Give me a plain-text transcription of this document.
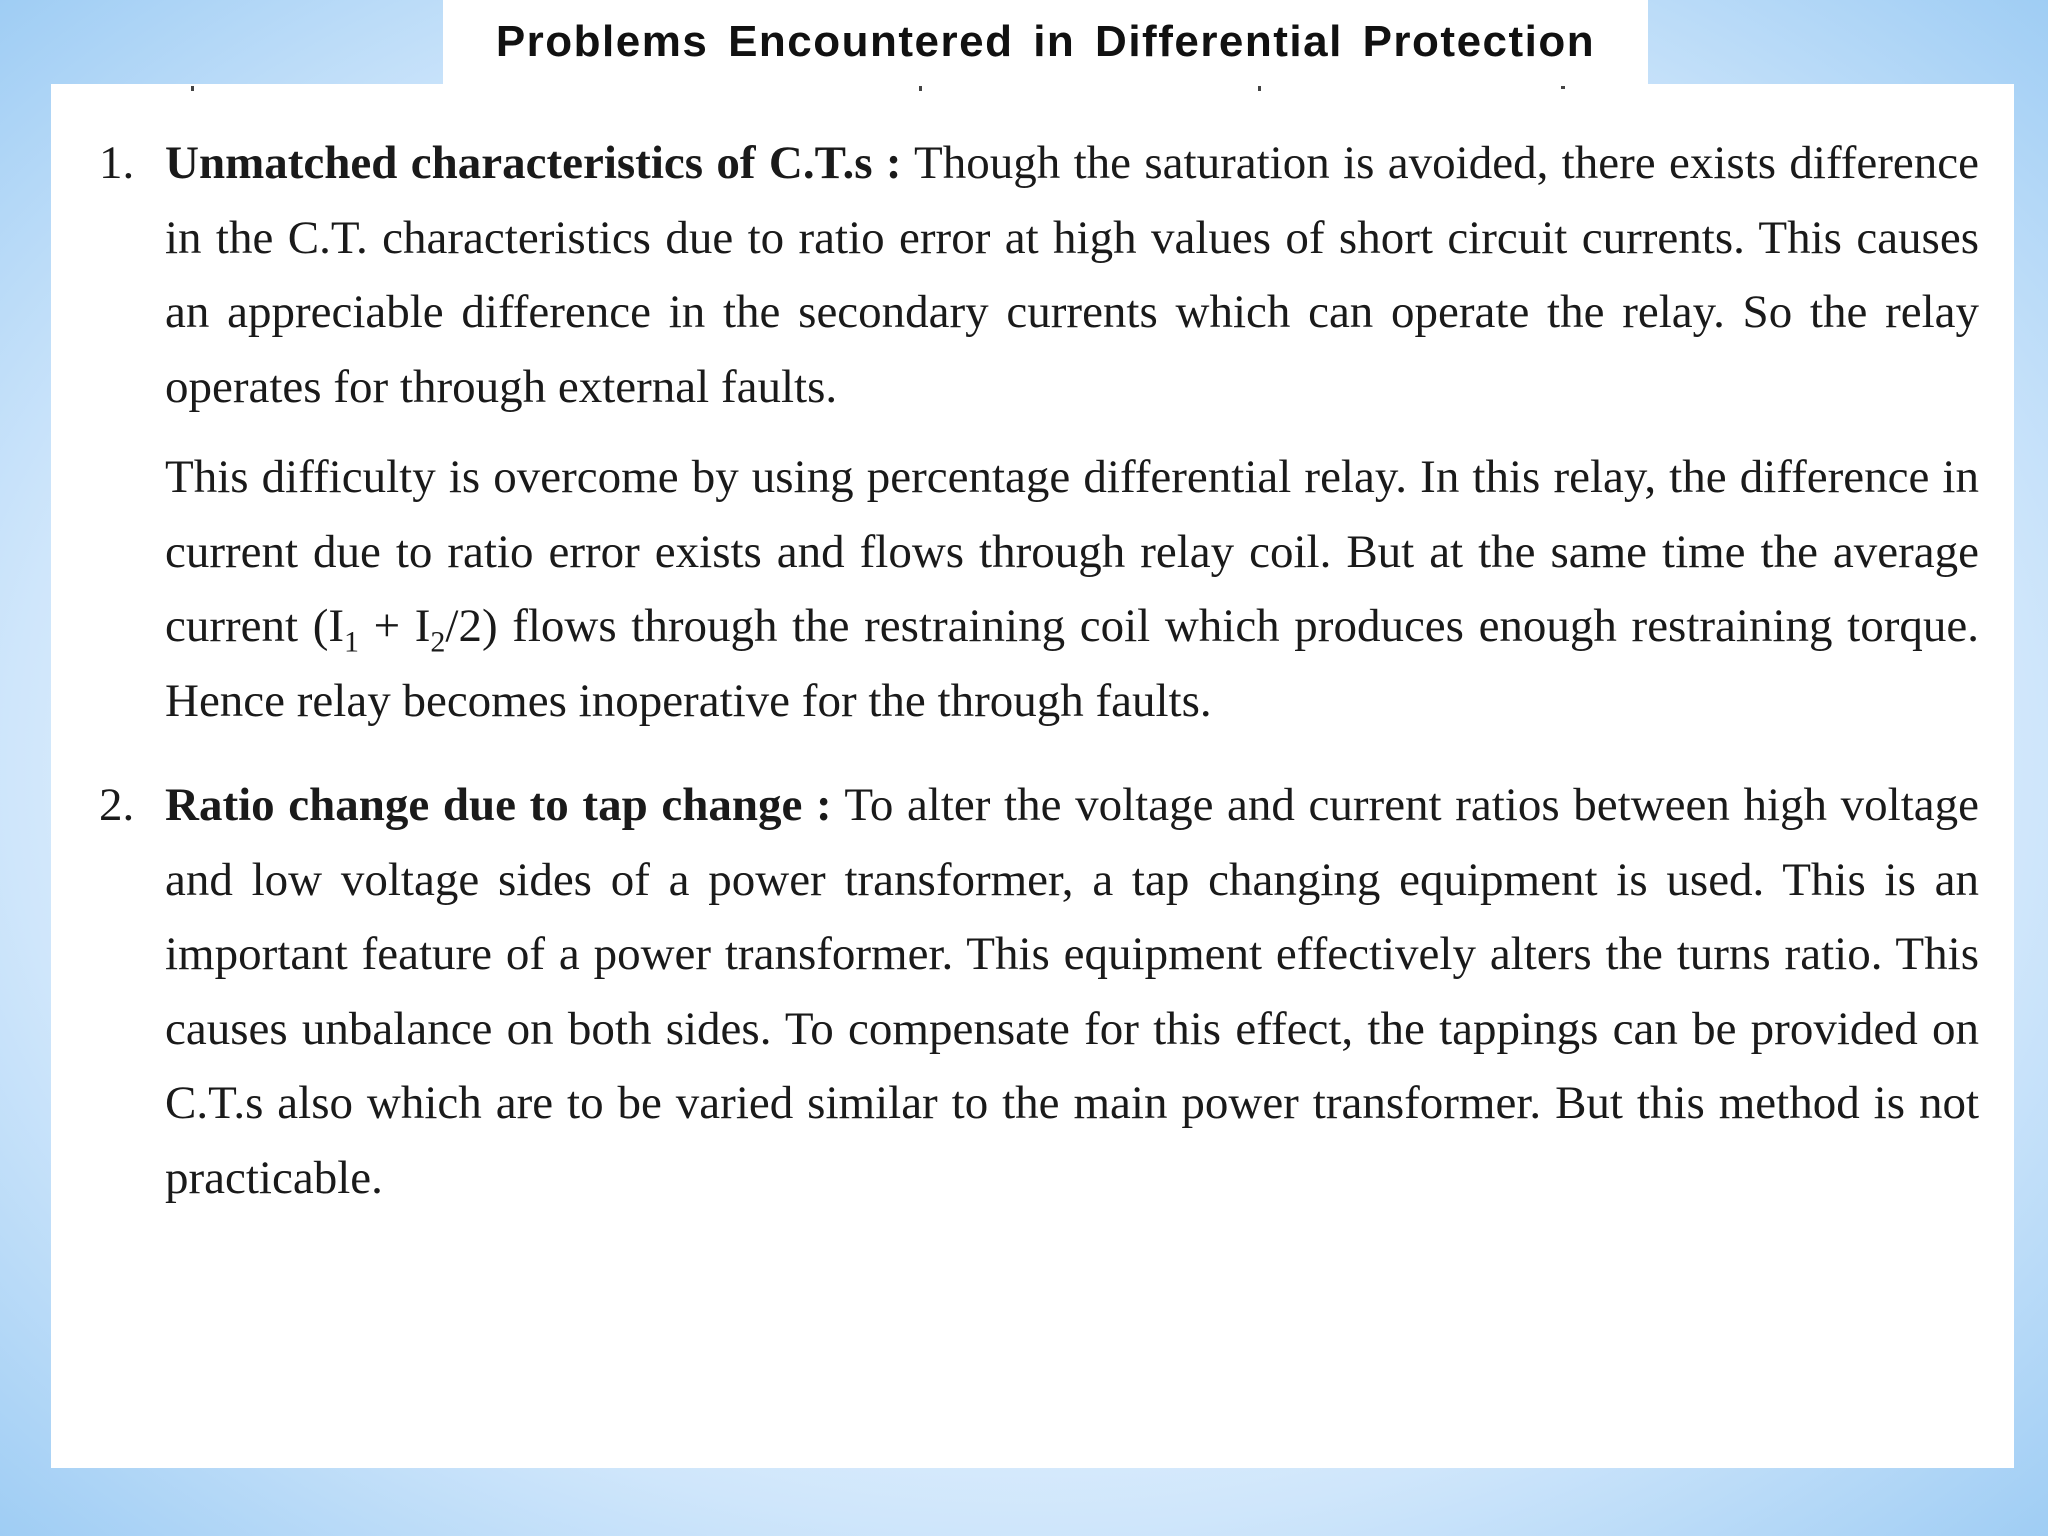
Problems Encountered in Differential Protection
1. Unmatched characteristics of C.T.s : Though the saturation is avoided, there exists difference in the C.T. characteristics due to ratio error at high values of short circuit currents. This causes an appreciable difference in the secondary currents which can operate the relay. So the relay operates for through external faults.

This difficulty is overcome by using percentage differential relay. In this relay, the difference in current due to ratio error exists and flows through relay coil. But at the same time the average current $(I_1 + I_2/2)$ flows through the restraining coil which produces enough restraining torque. Hence relay becomes inoperative for the through faults.

2. Ratio change due to tap change : To alter the voltage and current ratios between high voltage and low voltage sides of a power transformer, a tap changing equipment is used. This is an important feature of a power transformer. This equipment effectively alters the turns ratio. This causes unbalance on both sides. To compensate for this effect, the tappings can be provided on C.T.s also which are to be varied similar to the main power transformer. But this method is not practicable.
